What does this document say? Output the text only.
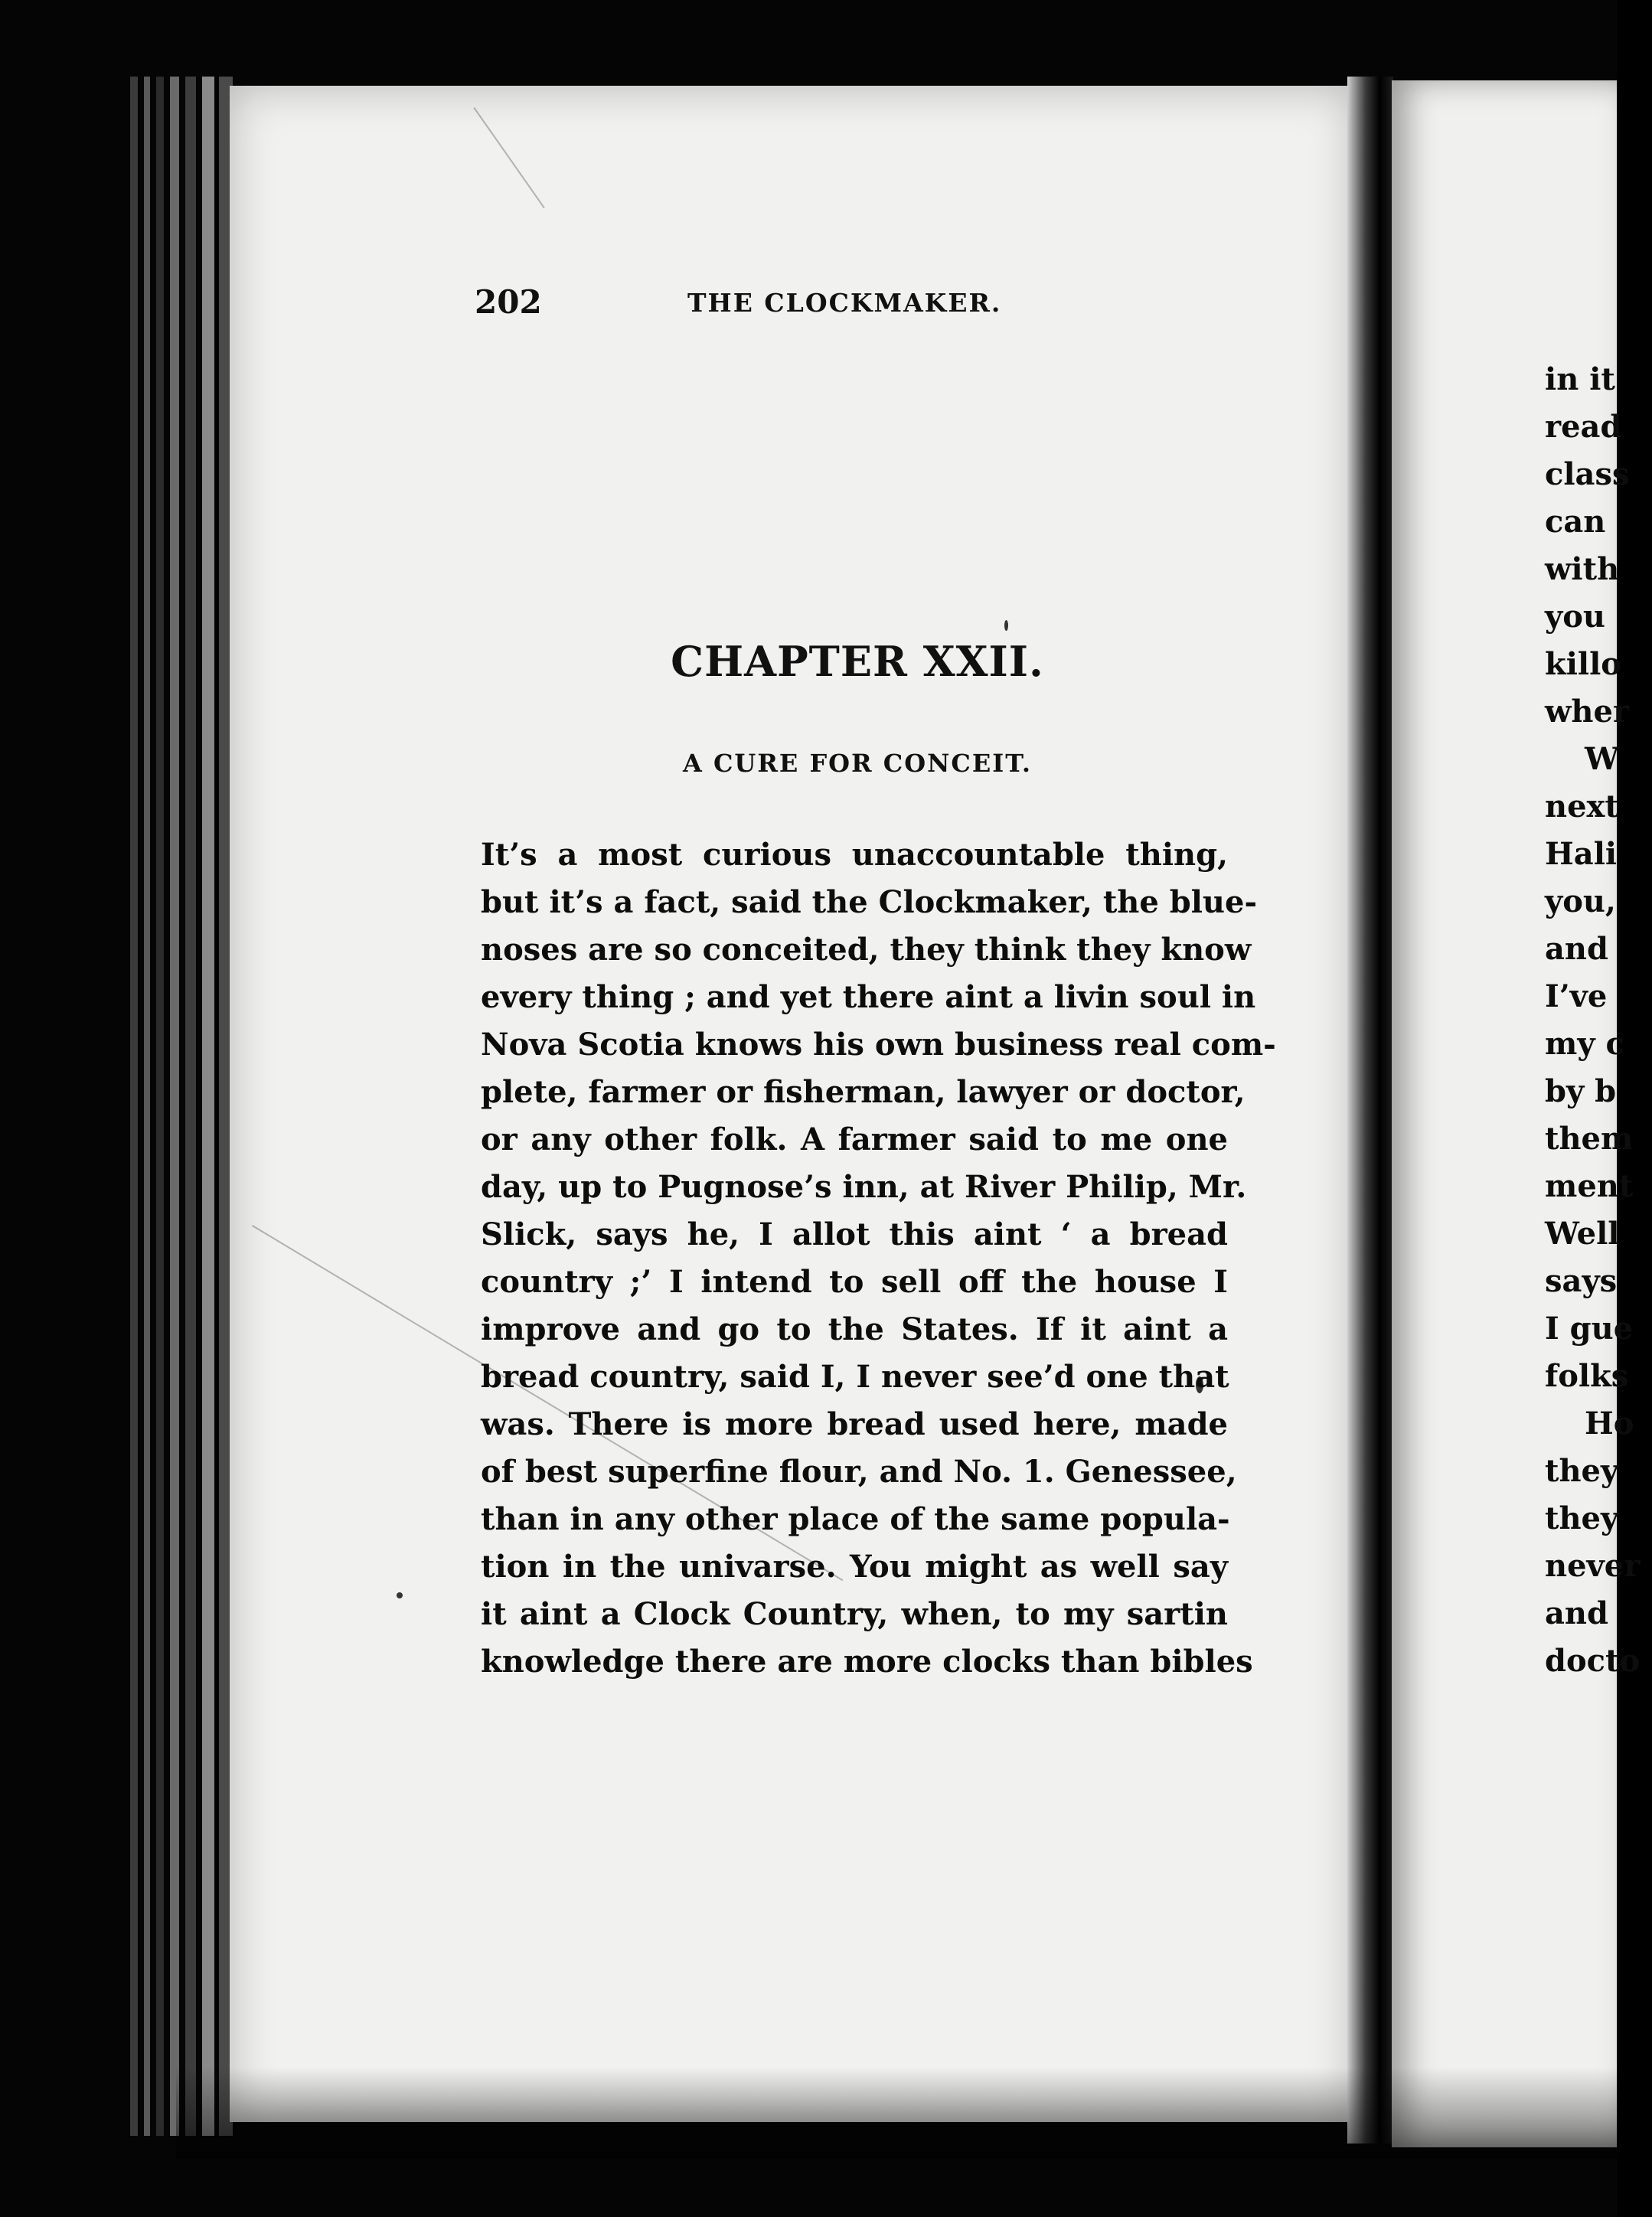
202	THE CLOCKMAKER.
CHAPTER XXII.
A CURE FOR CONCEIT.
It’s a most curious unaccountable thing,
but it’s a fact, said the Clockmaker, the blue-
noses are so conceited, they think they know
every thing ; and yet there aint a livin soul in
Nova Scotia knows his own business real com-
plete, farmer or fisherman, lawyer or doctor,
or any other folk. A farmer said to me one
day, up to Pugnose’s inn, at River Philip, Mr.
Slick, says he, I allot this aint ‘ a bread
country ;’ I intend to sell off the house I
improve and go to the States. If it aint a
bread country, said I, I never see’d one that
was. There is more bread used here, made
of best superfine flour, and No. 1. Genessee,
than in any other place of the same popula-
tion in the univarse. You might as well say
it aint a Clock Country, when, to my sartin
knowledge there are more clocks than bibles
in it
read
class
can
with
you
killo
wher
W
next
Hali
you,
and
I’ve
my c
by b
them
ment
Well
says
I gue
folks
Ho
they
they
never
and
docto
